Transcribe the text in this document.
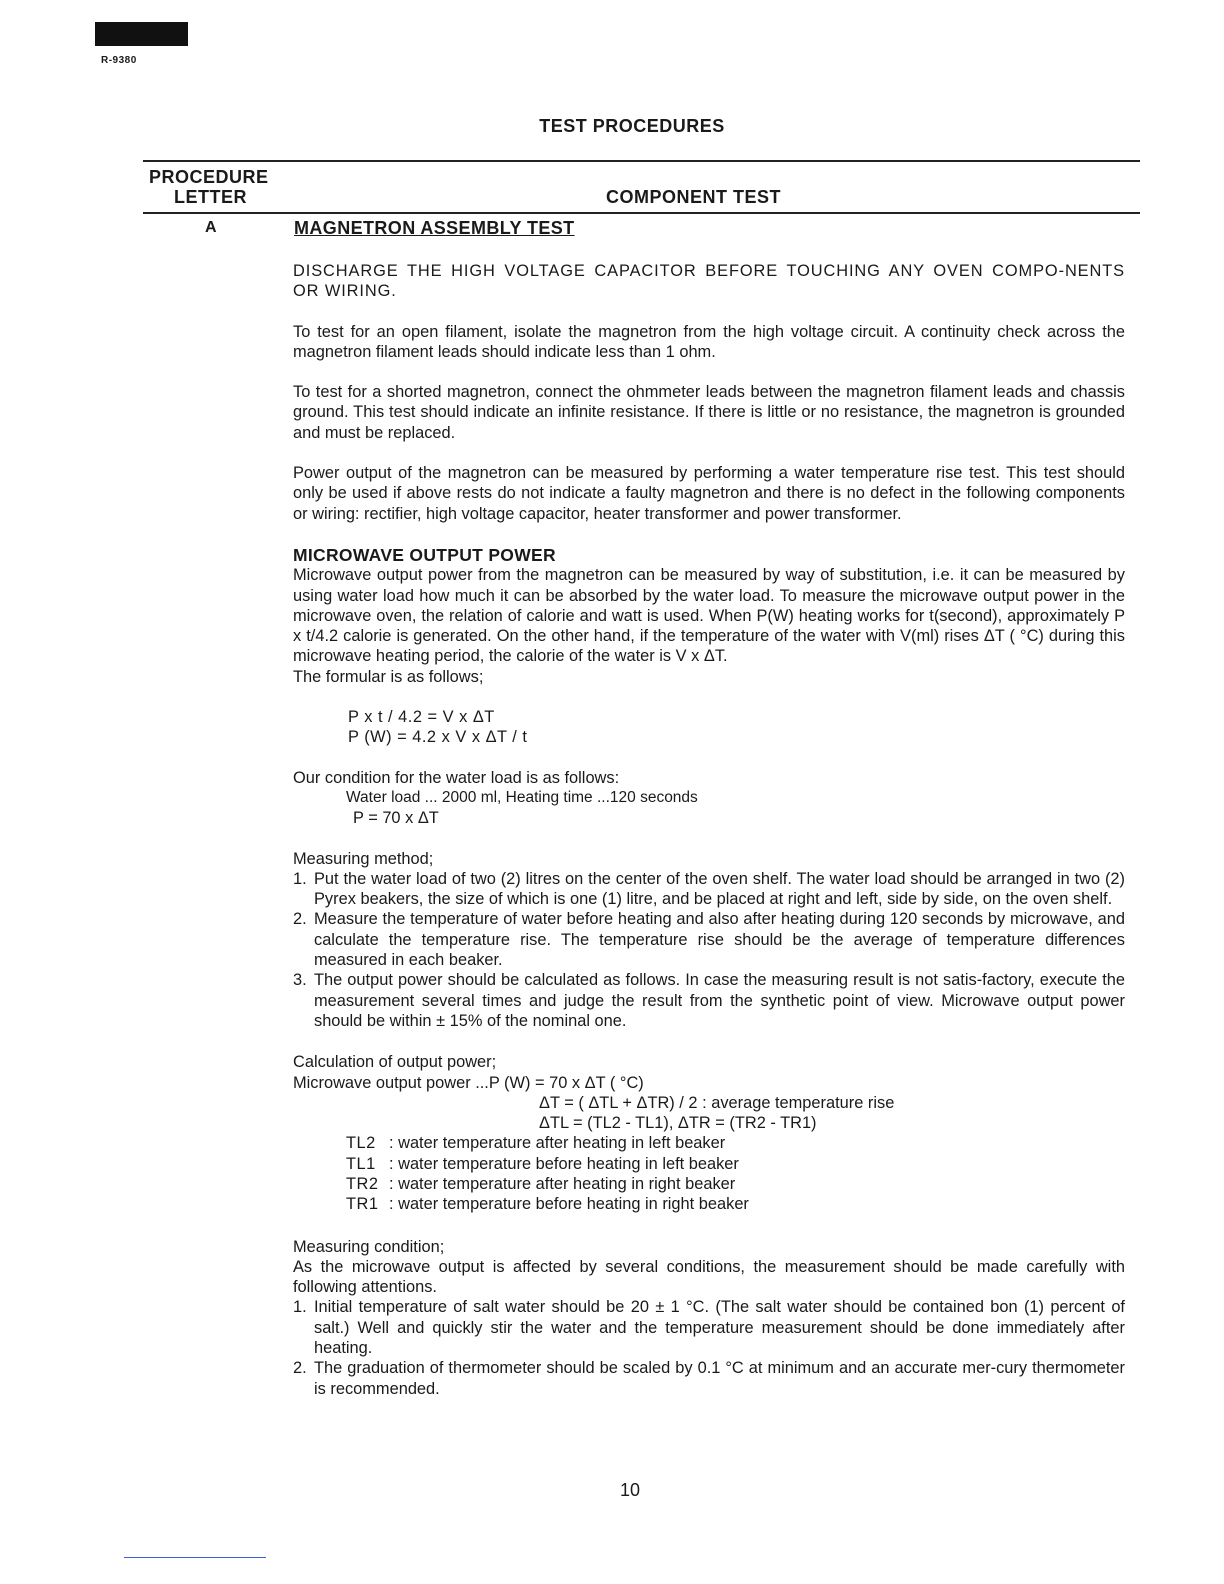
R-9380
TEST PROCEDURES
PROCEDURE
LETTER	COMPONENT TEST
A	MAGNETRON ASSEMBLY TEST

DISCHARGE THE HIGH VOLTAGE CAPACITOR BEFORE TOUCHING ANY OVEN COMPO-NENTS OR WIRING.

To test for an open filament, isolate the magnetron from the high voltage circuit. A continuity check across the magnetron filament leads should indicate less than 1 ohm.

To test for a shorted magnetron, connect the ohmmeter leads between the magnetron filament leads and chassis ground. This test should indicate an infinite resistance. If there is little or no resistance, the magnetron is grounded and must be replaced.

Power output of the magnetron can be measured by performing a water temperature rise test. This test should only be used if above rests do not indicate a faulty magnetron and there is no defect in the following components or wiring: rectifier, high voltage capacitor, heater transformer and power transformer.

MICROWAVE OUTPUT POWER

Microwave output power from the magnetron can be measured by way of substitution, i.e. it can be measured by using water load how much it can be absorbed by the water load. To measure the microwave output power in the microwave oven, the relation of calorie and watt is used. When P(W) heating works for t(second), approximately P x t/4.2 calorie is generated. On the other hand, if the temperature of the water with V(ml) rises ΔT ( °C) during this microwave heating period, the calorie of the water is V x ΔT.

The formular is as follows;

P x t / 4.2 = V x ΔT

P (W) = 4.2 x V x ΔT / t

Our condition for the water load is as follows:

Water load ... 2000 ml, Heating time ...120 seconds

P = 70 x ΔT

Measuring method;

1. Put the water load of two (2) litres on the center of the oven shelf. The water load should be arranged in two (2) Pyrex beakers, the size of which is one (1) litre, and be placed at right and left, side by side, on the oven shelf.
2. Measure the temperature of water before heating and also after heating during 120 seconds by microwave, and calculate the temperature rise. The temperature rise should be the average of temperature differences measured in each beaker.
3. The output power should be calculated as follows. In case the measuring result is not satis-factory, execute the measurement several times and judge the result from the synthetic point of view. Microwave output power should be within ± 15% of the nominal one.

Calculation of output power;

Microwave output power ...P (W) = 70 x ΔT ( °C)

ΔT = ( ΔTL + ΔTR) / 2 : average temperature rise

ΔTL = (TL2 - TL1), ΔTR = (TR2 - TR1)

TL2 : water temperature after heating in left beaker
TL1 : water temperature before heating in left beaker
TR2 : water temperature after heating in right beaker
TR1 : water temperature before heating in right beaker

Measuring condition;

As the microwave output is affected by several conditions, the measurement should be made carefully with following attentions.

1. Initial temperature of salt water should be 20 ± 1 °C. (The salt water should be contained bon (1) percent of salt.) Well and quickly stir the water and the temperature measurement should be done immediately after heating.
2. The graduation of thermometer should be scaled by 0.1 °C at minimum and an accurate mer-cury thermometer is recommended.
10
